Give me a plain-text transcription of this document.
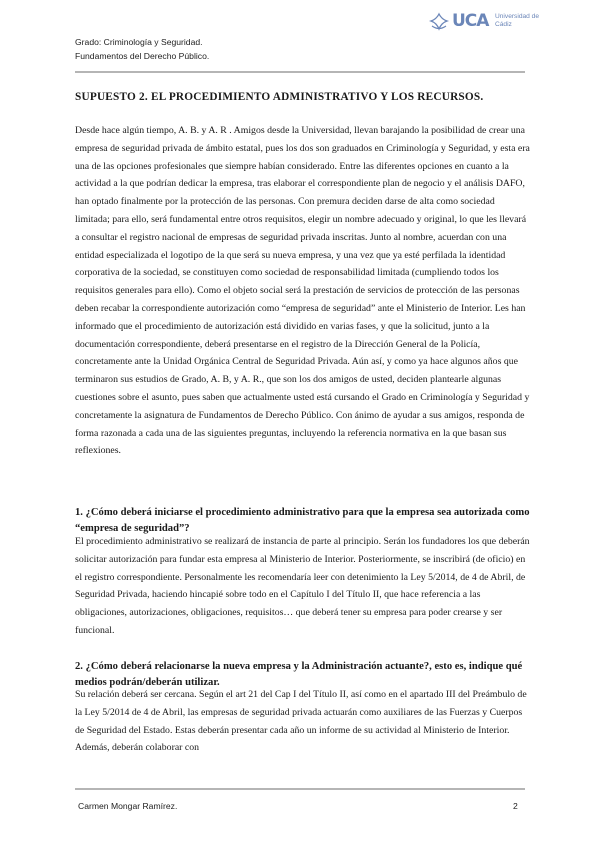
Grado: Criminología y Seguridad.
Fundamentos del Derecho Público.
UCA Universidad de Cádiz
SUPUESTO 2. EL PROCEDIMIENTO ADMINISTRATIVO Y LOS RECURSOS.

Desde hace algún tiempo, A. B. y A. R . Amigos desde la Universidad, llevan barajando la posibilidad de crear una empresa de seguridad privada de ámbito estatal, pues los dos son graduados en Criminología y Seguridad, y esta era una de las opciones profesionales que siempre habían considerado. Entre las diferentes opciones en cuanto a la actividad a la que podrían dedicar la empresa, tras elaborar el correspondiente plan de negocio y el análisis DAFO, han optado finalmente por la protección de las personas. Con premura deciden darse de alta como sociedad limitada; para ello, será fundamental entre otros requisitos, elegir un nombre adecuado y original, lo que les llevará a consultar el registro nacional de empresas de seguridad privada inscritas. Junto al nombre, acuerdan con una entidad especializada el logotipo de la que será su nueva empresa, y una vez que ya esté perfilada la identidad corporativa de la sociedad, se constituyen como sociedad de responsabilidad limitada (cumpliendo todos los requisitos generales para ello). Como el objeto social será la prestación de servicios de protección de las personas deben recabar la correspondiente autorización como “empresa de seguridad” ante el Ministerio de Interior. Les han informado que el procedimiento de autorización está dividido en varias fases, y que la solicitud, junto a la documentación correspondiente, deberá presentarse en el registro de la Dirección General de la Policía, concretamente ante la Unidad Orgánica Central de Seguridad Privada. Aún así, y como ya hace algunos años que terminaron sus estudios de Grado, A. B, y A. R., que son los dos amigos de usted, deciden plantearle algunas cuestiones sobre el asunto, pues saben que actualmente usted está cursando el Grado en Criminología y Seguridad y concretamente la asignatura de Fundamentos de Derecho Público. Con ánimo de ayudar a sus amigos, responda de forma razonada a cada una de las siguientes preguntas, incluyendo la referencia normativa en la que basan sus reflexiones.

1. ¿Cómo deberá iniciarse el procedimiento administrativo para que la empresa sea autorizada como “empresa de seguridad”?

El procedimiento administrativo se realizará de instancia de parte al principio. Serán los fundadores los que deberán solicitar autorización para fundar esta empresa al Ministerio de Interior. Posteriormente, se inscribirá (de oficio) en el registro correspondiente. Personalmente les recomendaría leer con detenimiento la Ley 5/2014, de 4 de Abril, de Seguridad Privada, haciendo hincapié sobre todo en el Capítulo I del Título II, que hace referencia a las obligaciones, autorizaciones, obligaciones, requisitos… que deberá tener su empresa para poder crearse y ser funcional.

2. ¿Cómo deberá relacionarse la nueva empresa y la Administración actuante?, esto es, indique qué medios podrán/deberán utilizar.

Su relación deberá ser cercana. Según el art 21 del Cap I del Título II, así como en el apartado III del Preámbulo de la Ley 5/2014 de 4 de Abril, las empresas de seguridad privada actuarán como auxiliares de las Fuerzas y Cuerpos de Seguridad del Estado. Estas deberán presentar cada año un informe de su actividad al Ministerio de Interior. Además, deberán colaborar con

Carmen Mongar Ramírez.	2
